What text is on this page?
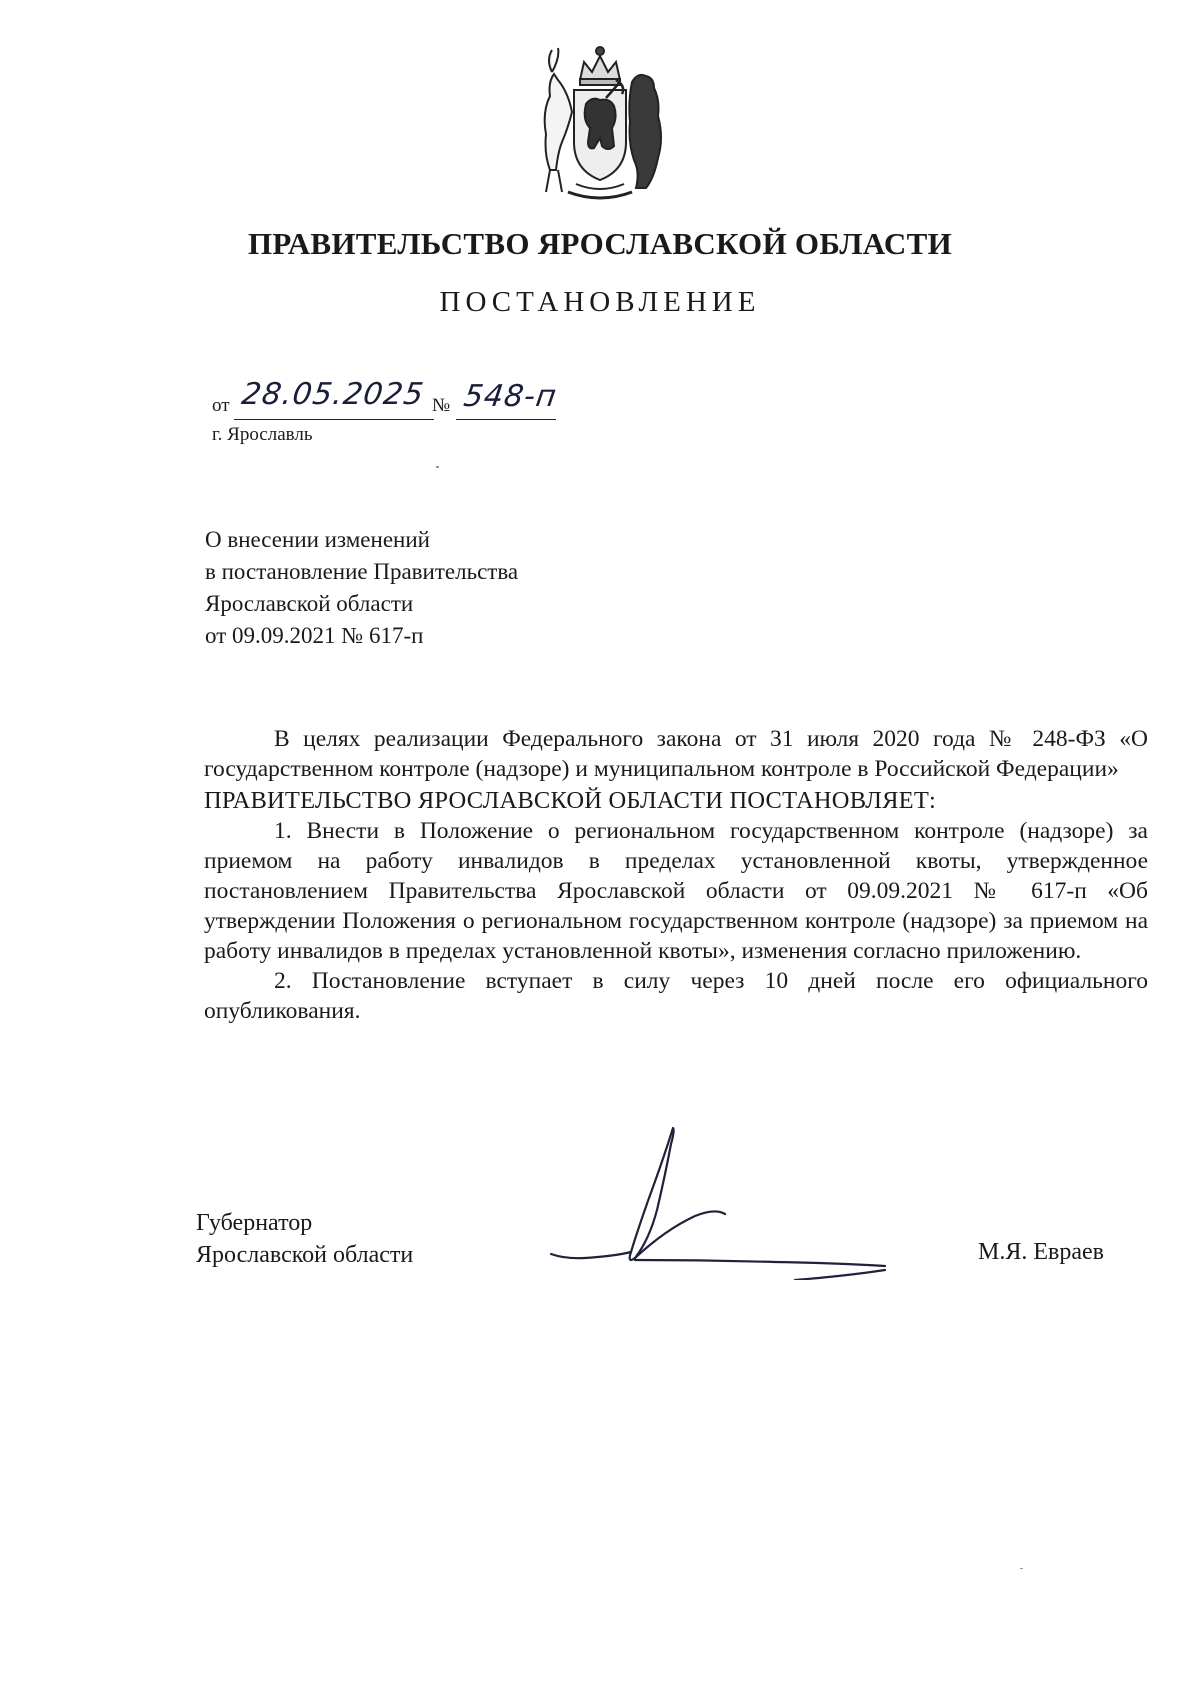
ПРАВИТЕЛЬСТВО ЯРОСЛАВСКОЙ ОБЛАСТИ
ПОСТАНОВЛЕНИЕ
от 28.05.2025 № 548-п
г. Ярославль
О внесении изменений
в постановление Правительства
Ярославской области
от 09.09.2021 № 617-п

В целях реализации Федерального закона от 31 июля 2020 года № 248-ФЗ «О государственном контроле (надзоре) и муниципальном контроле в Российской Федерации»

ПРАВИТЕЛЬСТВО ЯРОСЛАВСКОЙ ОБЛАСТИ ПОСТАНОВЛЯЕТ:

1. Внести в Положение о региональном государственном контроле (надзоре) за приемом на работу инвалидов в пределах установленной квоты, утвержденное постановлением Правительства Ярославской области от 09.09.2021 № 617-п «Об утверждении Положения о региональном государственном контроле (надзоре) за приемом на работу инвалидов в пределах установленной квоты», изменения согласно приложению.

2. Постановление вступает в силу через 10 дней после его официального опубликования.

Губернатор
Ярославской области	М.Я. Евраев
